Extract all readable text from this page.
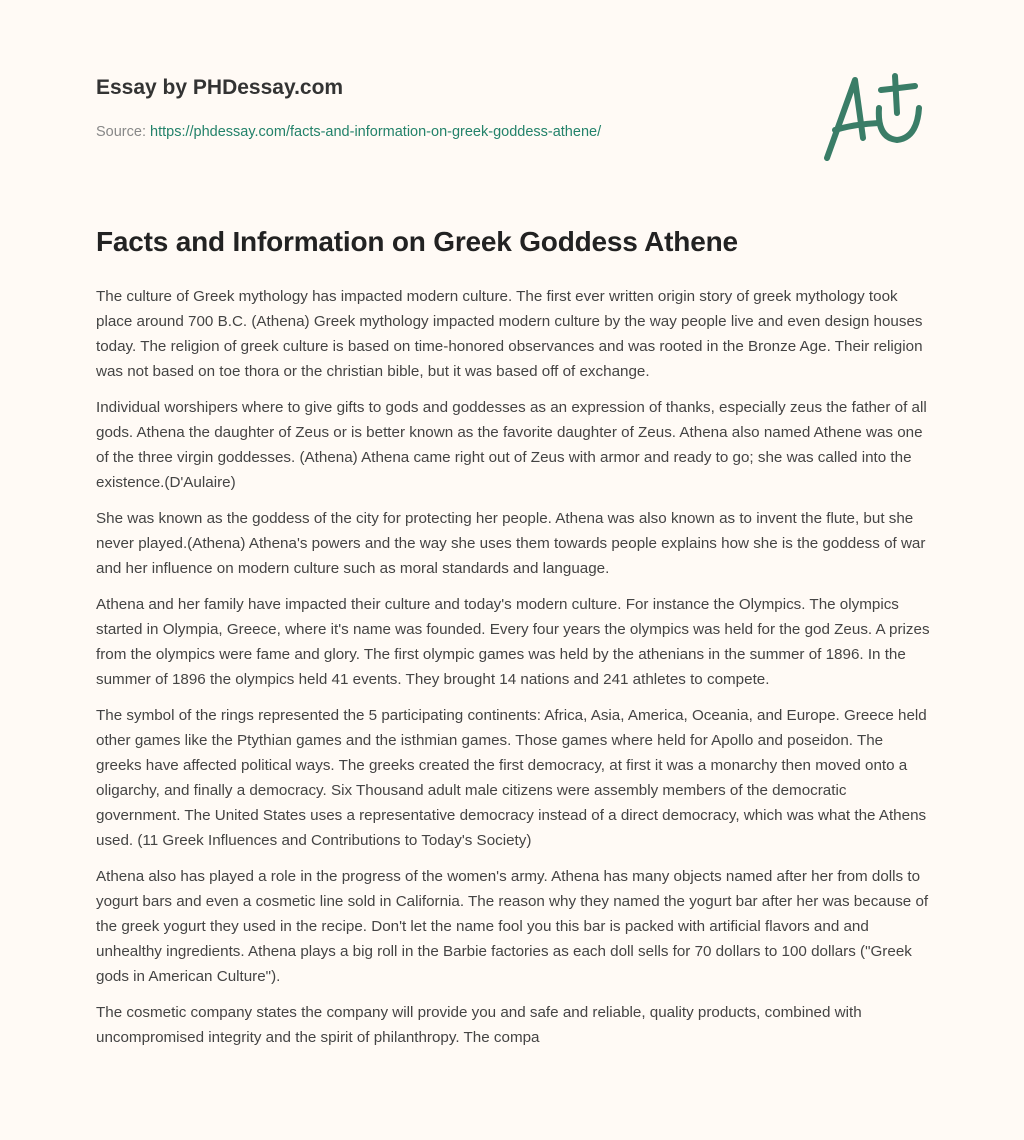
Essay by PHDessay.com

Source: https://phdessay.com/facts-and-information-on-greek-goddess-athene/
Facts and Information on Greek Goddess Athene

The culture of Greek mythology has impacted modern culture. The first ever written origin story of greek mythology took place around 700 B.C. (Athena) Greek mythology impacted modern culture by the way people live and even design houses today. The religion of greek culture is based on time-honored observances and was rooted in the Bronze Age. Their religion was not based on toe thora or the christian bible, but it was based off of exchange.

Individual worshipers where to give gifts to gods and goddesses as an expression of thanks, especially zeus the father of all gods. Athena the daughter of Zeus or is better known as the favorite daughter of Zeus. Athena also named Athene was one of the three virgin goddesses. (Athena) Athena came right out of Zeus with armor and ready to go; she was called into the existence.(D'Aulaire)

She was known as the goddess of the city for protecting her people. Athena was also known as to invent the flute, but she never played.(Athena) Athena's powers and the way she uses them towards people explains how she is the goddess of war and her influence on modern culture such as moral standards and language.

Athena and her family have impacted their culture and today's modern culture. For instance the Olympics. The olympics started in Olympia, Greece, where it's name was founded. Every four years the olympics was held for the god Zeus. A prizes from the olympics were fame and glory. The first olympic games was held by the athenians in the summer of 1896. In the summer of 1896 the olympics held 41 events. They brought 14 nations and 241 athletes to compete.

The symbol of the rings represented the 5 participating continents: Africa, Asia, America, Oceania, and Europe. Greece held other games like the Ptythian games and the isthmian games. Those games where held for Apollo and poseidon. The greeks have affected political ways. The greeks created the first democracy, at first it was a monarchy then moved onto a oligarchy, and finally a democracy. Six Thousand adult male citizens were assembly members of the democratic government. The United States uses a representative democracy instead of a direct democracy, which was what the Athens used. (11 Greek Influences and Contributions to Today's Society)

Athena also has played a role in the progress of the women's army. Athena has many objects named after her from dolls to yogurt bars and even a cosmetic line sold in California. The reason why they named the yogurt bar after her was because of the greek yogurt they used in the recipe. Don't let the name fool you this bar is packed with artificial flavors and and unhealthy ingredients. Athena plays a big roll in the Barbie factories as each doll sells for 70 dollars to 100 dollars ("Greek gods in American Culture").

The cosmetic company states the company will provide you and safe and reliable, quality products, combined with uncompromised integrity and the spirit of philanthropy. The compa
